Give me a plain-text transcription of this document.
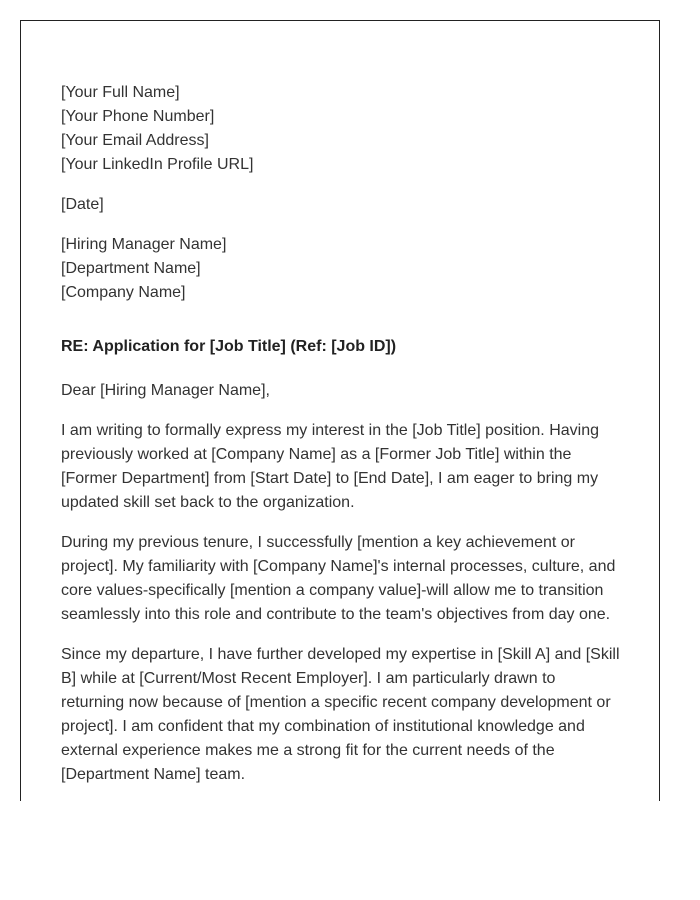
[Your Full Name]
[Your Phone Number]
[Your Email Address]
[Your LinkedIn Profile URL]
[Date]
[Hiring Manager Name]
[Department Name]
[Company Name]
RE: Application for [Job Title] (Ref: [Job ID])
Dear [Hiring Manager Name],
I am writing to formally express my interest in the [Job Title] position. Having
previously worked at [Company Name] as a [Former Job Title] within the
[Former Department] from [Start Date] to [End Date], I am eager to bring my
updated skill set back to the organization.
During my previous tenure, I successfully [mention a key achievement or
project]. My familiarity with [Company Name]'s internal processes, culture, and
core values-specifically [mention a company value]-will allow me to transition
seamlessly into this role and contribute to the team's objectives from day one.
Since my departure, I have further developed my expertise in [Skill A] and [Skill
B] while at [Current/Most Recent Employer]. I am particularly drawn to
returning now because of [mention a specific recent company development or
project]. I am confident that my combination of institutional knowledge and
external experience makes me a strong fit for the current needs of the
[Department Name] team.
